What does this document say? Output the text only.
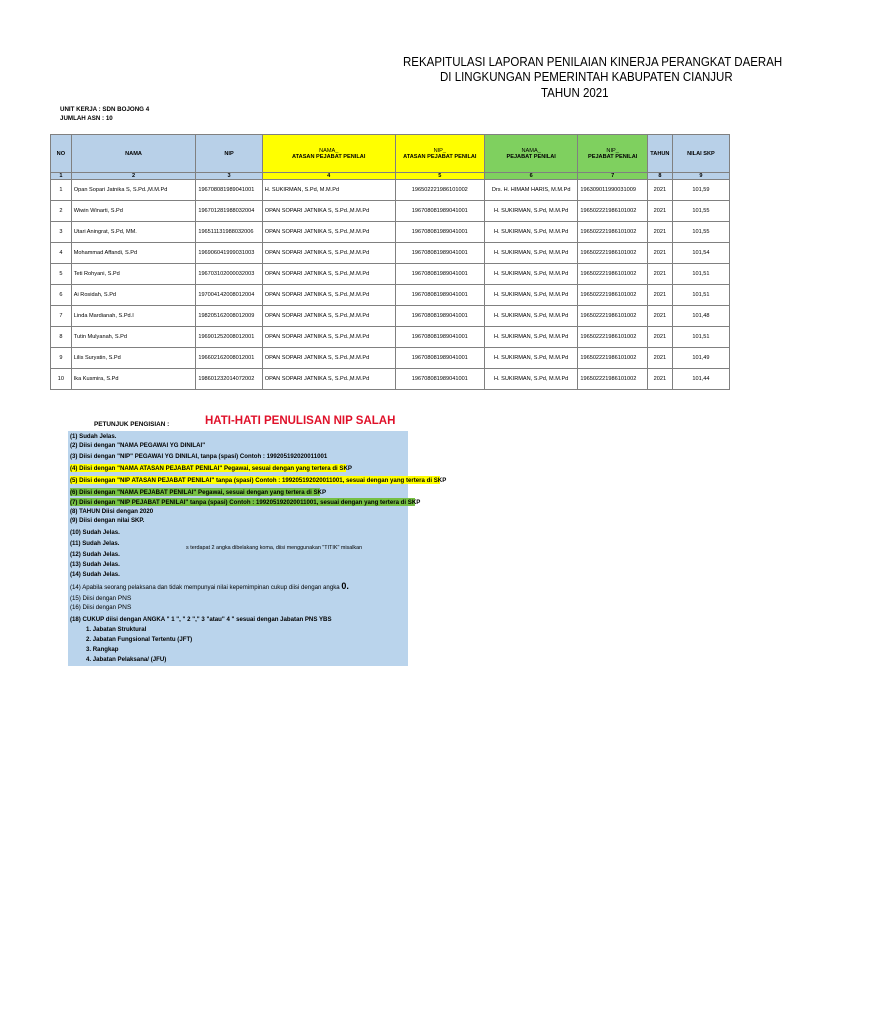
REKAPITULASI LAPORAN PENILAIAN KINERJA PERANGKAT DAERAH
DI LINGKUNGAN PEMERINTAH KABUPATEN CIANJUR
TAHUN 2021
UNIT KERJA : SDN BOJONG 4
JUMLAH ASN : 10
NO	NAMA	NIP	NAMA_
ATASAN PEJABAT PENILAI	NIP_
ATASAN PEJABAT PENILAI	NAMA_
PEJABAT PENILAI	NIP_
PEJABAT PENILAI	TAHUN	NILAI SKP
1	2	3	4	5	6	7	8	9
1	Opan Sopari Jatnika S, S.Pd.,M.M.Pd	196708081989041001	H. SUKIRMAN, S.Pd, M.M.Pd	196502221986101002	Drs. H. HIMAM HARIS, M.M.Pd	196309011990031009	2021	101,59
2	Wiwin Winarti, S.Pd	196701281988032004	OPAN SOPARI JATNIKA S, S.Pd.,M.M.Pd	196708081989041001	H. SUKIRMAN, S.Pd, M.M.Pd	196502221986101002	2021	101,55
3	Utari Aningrat, S.Pd, MM.	196511131988032006	OPAN SOPARI JATNIKA S, S.Pd.,M.M.Pd	196708081989041001	H. SUKIRMAN, S.Pd, M.M.Pd	196502221986101002	2021	101,55
4	Mohammad Affandi, S.Pd	196906041999031003	OPAN SOPARI JATNIKA S, S.Pd.,M.M.Pd	196708081989041001	H. SUKIRMAN, S.Pd, M.M.Pd	196502221986101002	2021	101,54
5	Teti Rohyani, S.Pd	196703102000032003	OPAN SOPARI JATNIKA S, S.Pd.,M.M.Pd	196708081989041001	H. SUKIRMAN, S.Pd, M.M.Pd	196502221986101002	2021	101,51
6	Ai Rosidah, S.Pd	197004142008012004	OPAN SOPARI JATNIKA S, S.Pd.,M.M.Pd	196708081989041001	H. SUKIRMAN, S.Pd, M.M.Pd	196502221986101002	2021	101,51
7	Linda Mardianah, S.Pd.I	198205162008012009	OPAN SOPARI JATNIKA S, S.Pd.,M.M.Pd	196708081989041001	H. SUKIRMAN, S.Pd, M.M.Pd	196502221986101002	2021	101,48
8	Tutin Mulyanah, S.Pd	196901252008012001	OPAN SOPARI JATNIKA S, S.Pd.,M.M.Pd	196708081989041001	H. SUKIRMAN, S.Pd, M.M.Pd	196502221986101002	2021	101,51
9	Lilis Suryatin, S.Pd	196602162008012001	OPAN SOPARI JATNIKA S, S.Pd.,M.M.Pd	196708081989041001	H. SUKIRMAN, S.Pd, M.M.Pd	196502221986101002	2021	101,49
10	Ika Kusmira, S.Pd	198601232014072002	OPAN SOPARI JATNIKA S, S.Pd.,M.M.Pd	196708081989041001	H. SUKIRMAN, S.Pd, M.M.Pd	196502221986101002	2021	101,44
PETUNJUK PENGISIAN :	HATI-HATI PENULISAN NIP SALAH
(1) Sudah Jelas.
(2) Diisi dengan "NAMA PEGAWAI YG DINILAI"
(3) Diisi dengan "NIP" PEGAWAI YG DINILAI, tanpa (spasi) Contoh : 199205192020011001
(4) Diisi dengan "NAMA ATASAN PEJABAT PENILAI" Pegawai, sesuai dengan yang tertera di SKP
(5) Diisi dengan "NIP ATASAN PEJABAT PENILAI" tanpa (spasi) Contoh : 199205192020011001, sesuai dengan yang tertera di SKP
(6) Diisi dengan "NAMA PEJABAT PENILAI" Pegawai, sesuai dengan yang tertera di SKP
(7) Diisi dengan "NIP PEJABAT PENILAI" tanpa (spasi) Contoh : 199205192020011001, sesuai dengan yang tertera di SKP
(8) TAHUN Diisi dengan 2020
(9) Diisi dengan nilai SKP.
(10) Sudah Jelas.
(11) Sudah Jelas.
(12) Sudah Jelas.
(13) Sudah Jelas.
(14) Sudah Jelas.
(14) Apabila seorang pelaksana dan tidak mempunyai nilai kepemimpinan cukup diisi dengan angka 0.
(15) Diisi dengan PNS
(16) Diisi dengan PNS
(18) CUKUP diisi dengan ANGKA " 1 ", " 2 "," 3 "atau" 4 " sesuai dengan Jabatan PNS YBS
1. Jabatan Struktural
2. Jabatan Fungsional Tertentu (JFT)
3. Rangkap
4. Jabatan Pelaksana/ (JFU)
s terdapat 2 angka dibelakang koma, diisi menggunakan "TITIK" misalkan
